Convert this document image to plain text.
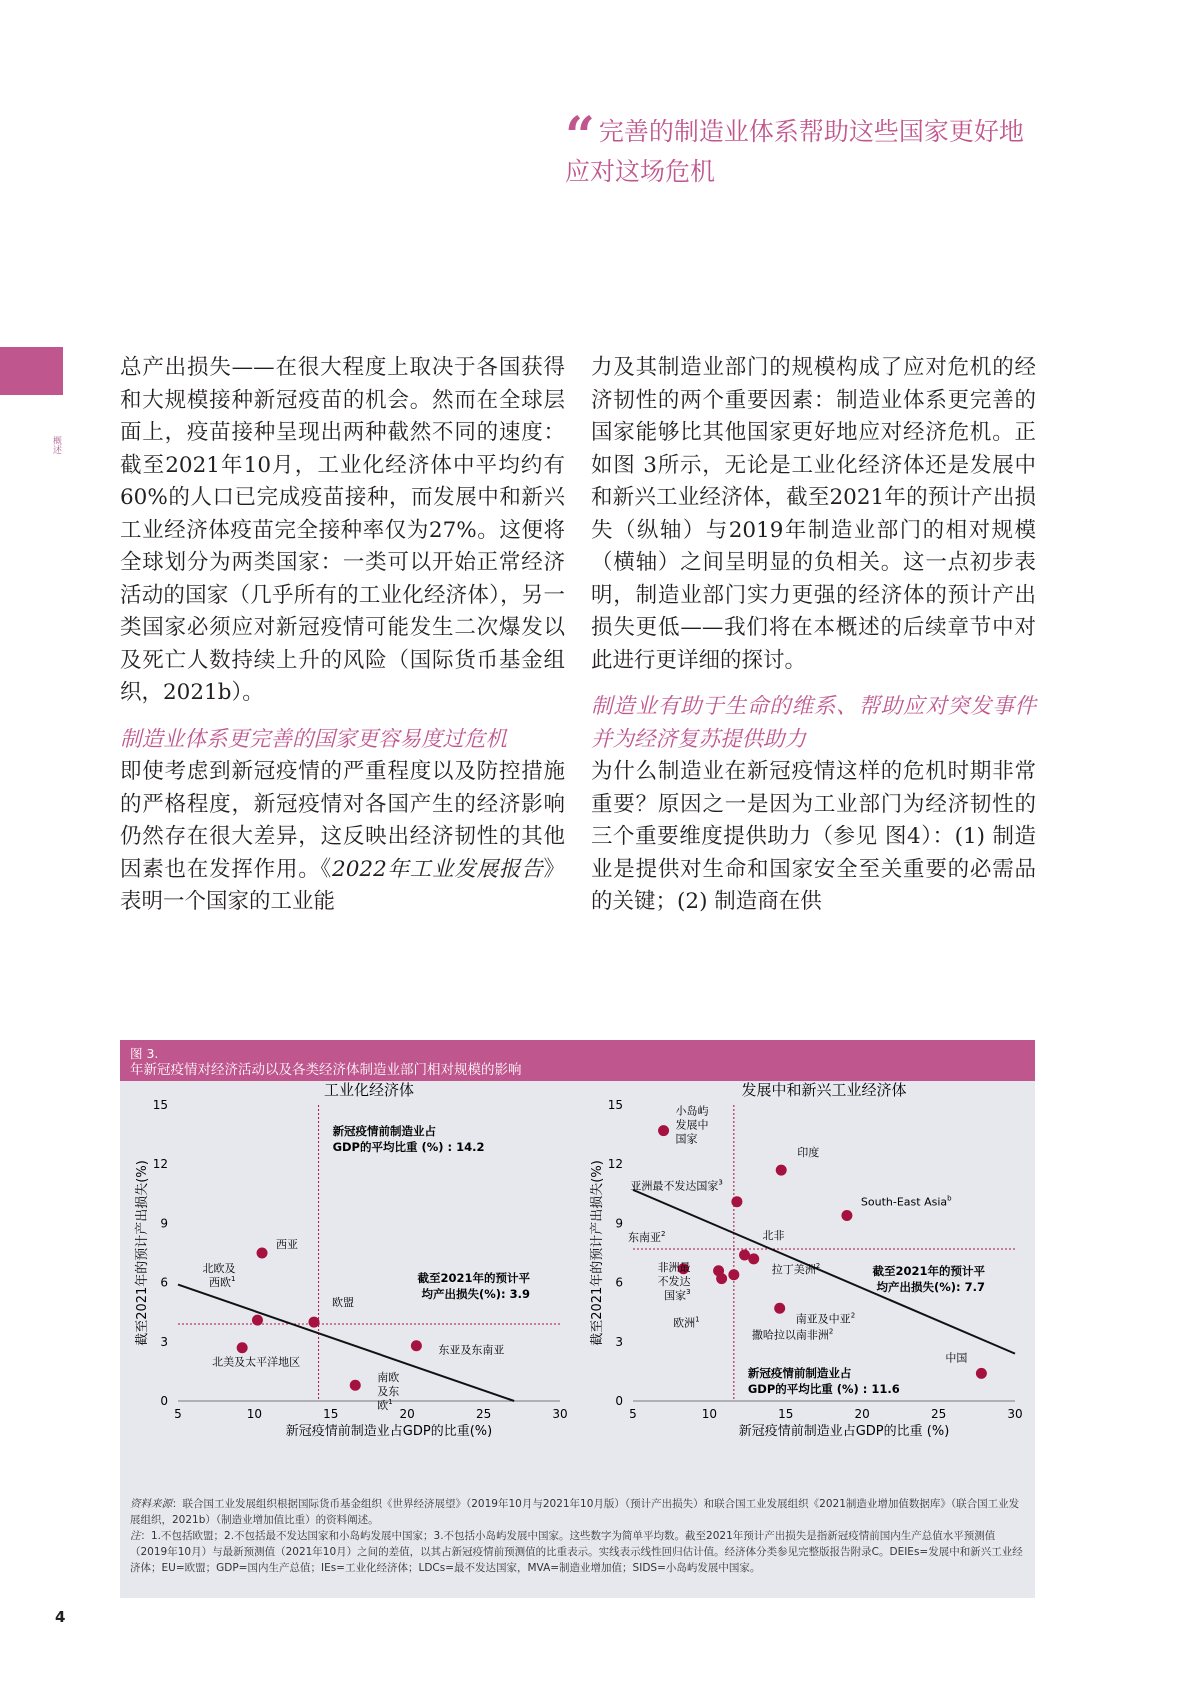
概述
“ 完善的制造业体系帮助这些国家更好地应对这场危机

总产出损失——在很大程度上取决于各国获得和大规模接种新冠疫苗的机会。然而在全球层面上，疫苗接种呈现出两种截然不同的速度：截至2021年10月，工业化经济体中平均约有60%的人口已完成疫苗接种，而发展中和新兴工业经济体疫苗完全接种率仅为27%。这便将全球划分为两类国家：一类可以开始正常经济活动的国家（几乎所有的工业化经济体），另一类国家必须应对新冠疫情可能发生二次爆发以及死亡人数持续上升的风险（国际货币基金组织，2021b）。

制造业体系更完善的国家更容易度过危机

即使考虑到新冠疫情的严重程度以及防控措施的严格程度，新冠疫情对各国产生的经济影响仍然存在很大差异，这反映出经济韧性的其他因素也在发挥作用。《2022年工业发展报告》表明一个国家的工业能

力及其制造业部门的规模构成了应对危机的经济韧性的两个重要因素：制造业体系更完善的国家能够比其他国家更好地应对经济危机。正如图 3所示，无论是工业化经济体还是发展中和新兴工业经济体，截至2021年的预计产出损失（纵轴）与2019年制造业部门的相对规模（横轴）之间呈明显的负相关。这一点初步表明，制造业部门实力更强的经济体的预计产出损失更低——我们将在本概述的后续章节中对此进行更详细的探讨。

制造业有助于生命的维系、帮助应对突发事件并为经济复苏提供助力

为什么制造业在新冠疫情这样的危机时期非常重要？原因之一是因为工业部门为经济韧性的三个重要维度提供助力（参见 图4）：(1) 制造业是提供对生命和国家安全至关重要的必需品的关键；(2) 制造商在供

图 3.
年新冠疫情对经济活动以及各类经济体制造业部门相对规模的影响
工业化经济体
0
3
6
9
12
15
5	10	15	20	25	30
新冠疫情前制造业占GDP的比重(%)
截至2021年的预计产出损失(%)
新冠疫情前制造业占
GDP的平均比重 (%) : 14.2
截至2021年的预计平
均产出损失(%): 3.9
西亚
北欧及
西欧$^1$
欧盟
北美及太平洋地区
东亚及东南亚
南欧
及东
欧$^1$
发展中和新兴工业经济体
0
3
6
9
12
15
5	10	15	20	25	30
新冠疫情前制造业占GDP的比重 (%)
截至2021年的预计产出损失(%)
新冠疫情前制造业占
GDP的平均比重 (%) : 11.6
截至2021年的预计平
均产出损失(%): 7.7
小岛屿
发展中
国家
印度
亚洲最不发达国家$^3$
South-East Asia$^b$
北非
东南亚$^2$
非洲最
不发达
国家$^3$
拉丁美洲$^2$
欧洲$^1$
撒哈拉以南非洲$^2$
南亚及中亚$^2$
中国

资料来源：联合国工业发展组织根据国际货币基金组织《世界经济展望》（2019年10月与2021年10月版）（预计产出损失）和联合国工业发展组织《2021制造业增加值数据库》（联合国工业发展组织，2021b）（制造业增加值比重）的资料阐述。

注：1.不包括欧盟；2.不包括最不发达国家和小岛屿发展中国家；3.不包括小岛屿发展中国家。这些数字为简单平均数。截至2021年预计产出损失是指新冠疫情前国内生产总值水平预测值（2019年10月）与最新预测值（2021年10月）之间的差值，以其占新冠疫情前预测值的比重表示。实线表示线性回归估计值。经济体分类参见完整版报告附录C。DEIEs=发展中和新兴工业经济体；EU=欧盟；GDP=国内生产总值；IEs=工业化经济体；LDCs=最不发达国家，MVA=制造业增加值；SIDS=小岛屿发展中国家。

4
